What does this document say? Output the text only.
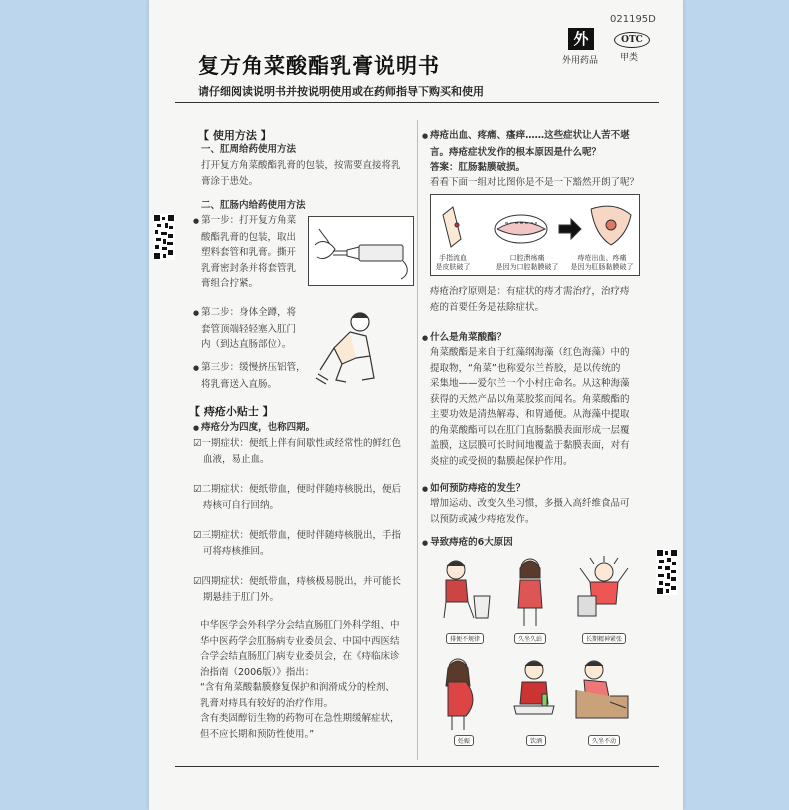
021195D
复方角菜酸酯乳膏说明书
外
外用药品
OTC
甲类
请仔细阅读说明书并按说明使用或在药师指导下购买和使用
【 使用方法 】
一、肛周给药使用方法
打开复方角菜酸酯乳膏的包装，按需要直接将乳
膏涂于患处。
二、肛肠内给药使用方法
● 第一步：打开复方角菜
酸酯乳膏的包装，取出
塑料套管和乳膏。撕开
乳膏密封条并将套管乳
膏组合拧紧。
● 第二步：身体全蹲，将
套管顶端轻轻塞入肛门
内（到达直肠部位）。
● 第三步：缓慢挤压铝管，
将乳膏送入直肠。
【 痔疮小贴士 】
● 痔疮分为四度，也称四期。
☑一期症状：便纸上伴有间歇性或经常性的鲜红色
血液，易止血。
☑二期症状：便纸带血，便时伴随痔核脱出，便后
痔核可自行回纳。
☑三期症状：便纸带血，便时伴随痔核脱出，手指
可将痔核推回。
☑四期症状：便纸带血，痔核极易脱出，并可能长
期悬挂于肛门外。
中华医学会外科学分会结直肠肛门外科学组、中
华中医药学会肛肠病专业委员会、中国中西医结
合学会结直肠肛门病专业委员会，在《痔临床诊
治指南（2006版）》指出：
“含有角菜酸黏膜修复保护和润滑成分的栓剂、
乳膏对痔具有较好的治疗作用。
含有类固醇衍生物的药物可在急性期缓解症状，
但不应长期和预防性使用。”
● 痔疮出血、疼痛、瘙痒……这些症状让人苦不堪
言。痔疮症状发作的根本原因是什么呢？
答案：肛肠黏膜破损。
看看下面一组对比图你是不是一下豁然开朗了呢？
手指流血
是皮肤破了
口腔溃疡痛
是因为口腔黏膜破了
痔疮出血、疼痛
是因为肛肠黏膜破了
痔疮治疗原则是：有症状的痔才需治疗，治疗痔
疮的首要任务是祛除症状。
● 什么是角菜酸酯？
角菜酸酯是来自于红藻纲海藻（红色海藻）中的
提取物，“角菜”也称爱尔兰苔胶，是以传统的
采集地——爱尔兰一个小村庄命名。从这种海藻
获得的天然产品以角菜胶浆而闻名。角菜酸酯的
主要功效是清热解毒、和胃通便。从海藻中提取
的角菜酸酯可以在肛门直肠黏膜表面形成一层覆
盖膜，这层膜可长时间地覆盖于黏膜表面，对有
炎症的或受损的黏膜起保护作用。
● 如何预防痔疮的发生？
增加运动、改变久坐习惯，多摄入高纤维食品可
以预防或减少痔疮发作。
● 导致痔疮的6大原因
排便不规律	久坐久站	长期精神紧张
妊娠	饮酒	久坐不动
